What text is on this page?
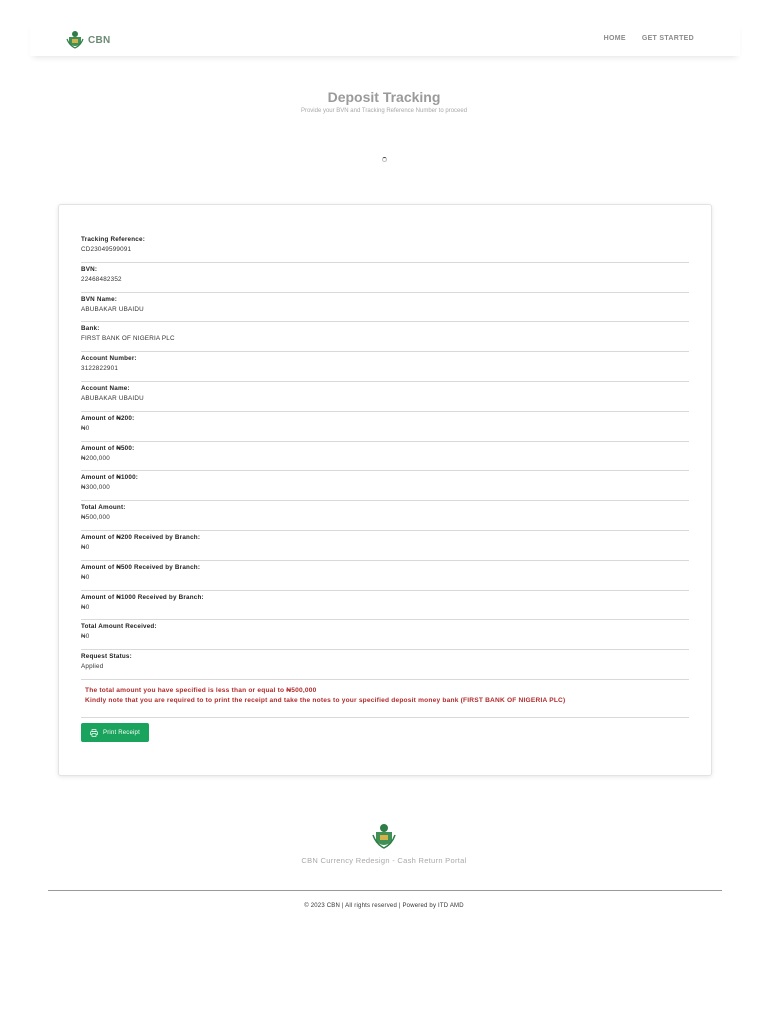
CBN	HOME GET STARTED
Deposit Tracking
Provide your BVN and Tracking Reference Number to proceed
Tracking Reference:
CD23049599091
BVN:
22468482352
BVN Name:
ABUBAKAR UBAIDU
Bank:
FIRST BANK OF NIGERIA PLC
Account Number:
3122822901
Account Name:
ABUBAKAR UBAIDU
Amount of ₦200:
₦0
Amount of ₦500:
₦200,000
Amount of ₦1000:
₦300,000
Total Amount:
₦500,000
Amount of ₦200 Received by Branch:
₦0
Amount of ₦500 Received by Branch:
₦0
Amount of ₦1000 Received by Branch:
₦0
Total Amount Received:
₦0
Request Status:
Applied

The total amount you have specified is less than or equal to ₦500,000

Kindly note that you are required to to print the receipt and take the notes to your specified deposit money bank (FIRST BANK OF NIGERIA PLC)

Print Receipt
CBN Currency Redesign - Cash Return Portal
© 2023 CBN | All rights reserved | Powered by ITD AMD
